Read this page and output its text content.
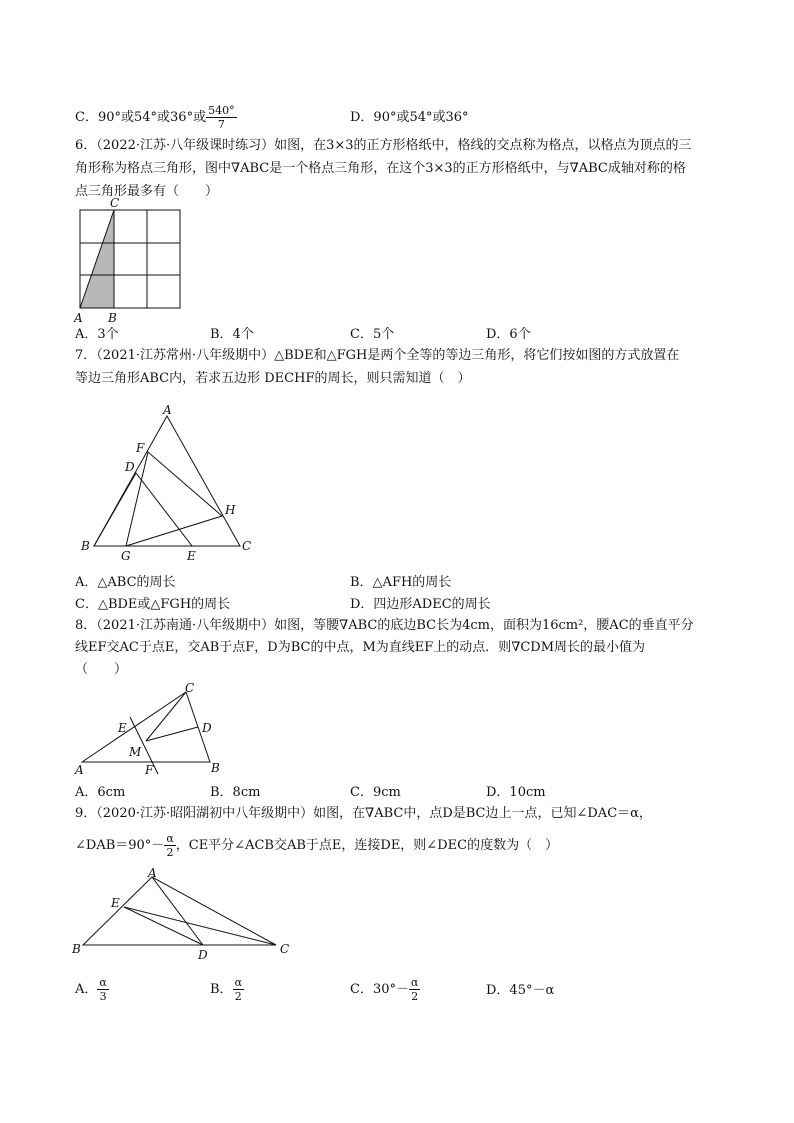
C．90°或54°或36°或 $\frac{540^\circ}{7}$	D．90°或54°或36°
6．（2022·江苏·八年级课时练习）如图，在3×3的正方形格纸中，格线的交点称为格点，以格点为顶点的三
角形称为格点三角形，图中∇ABC是一个格点三角形，在这个3×3的正方形格纸中，与∇ABC成轴对称的格
点三角形最多有（　　）
C
A B
A．3个	B．4个	C．5个	D．6个
7．（2021·江苏常州·八年级期中）△BDE和△FGH是两个全等的等边三角形，将它们按如图的方式放置在
等边三角形ABC内，若求五边形 DECHF的周长，则只需知道（　）
A
F
D
H
B
G	E
C
A．△ABC的周长	B．△AFH的周长
C．△BDE或△FGH的周长	D．四边形ADEC的周长
8．（2021·江苏南通·八年级期中）如图，等腰∇ABC的底边BC长为4cm，面积为16cm²，腰AC的垂直平分
线EF交AC于点E，交AB于点F，D为BC的中点，M为直线EF上的动点．则∇CDM周长的最小值为
（　　）
C
E	D
M
A	F	B
A．6cm	B．8cm	C．9cm	D．10cm
9．（2020·江苏·昭阳湖初中八年级期中）如图，在∇ABC中，点D是BC边上一点，已知∠DAC＝α，
∠DAB＝90°－ $\frac{\alpha}{2}$ ，CE平分∠ACB交AB于点E，连接DE，则∠DEC的度数为（　）
A
E
B	D	C
A． $\frac{\alpha}{3}$	B． $\frac{\alpha}{2}$	C．$30^\circ- \frac{\alpha}{2}$	D．45°－α
